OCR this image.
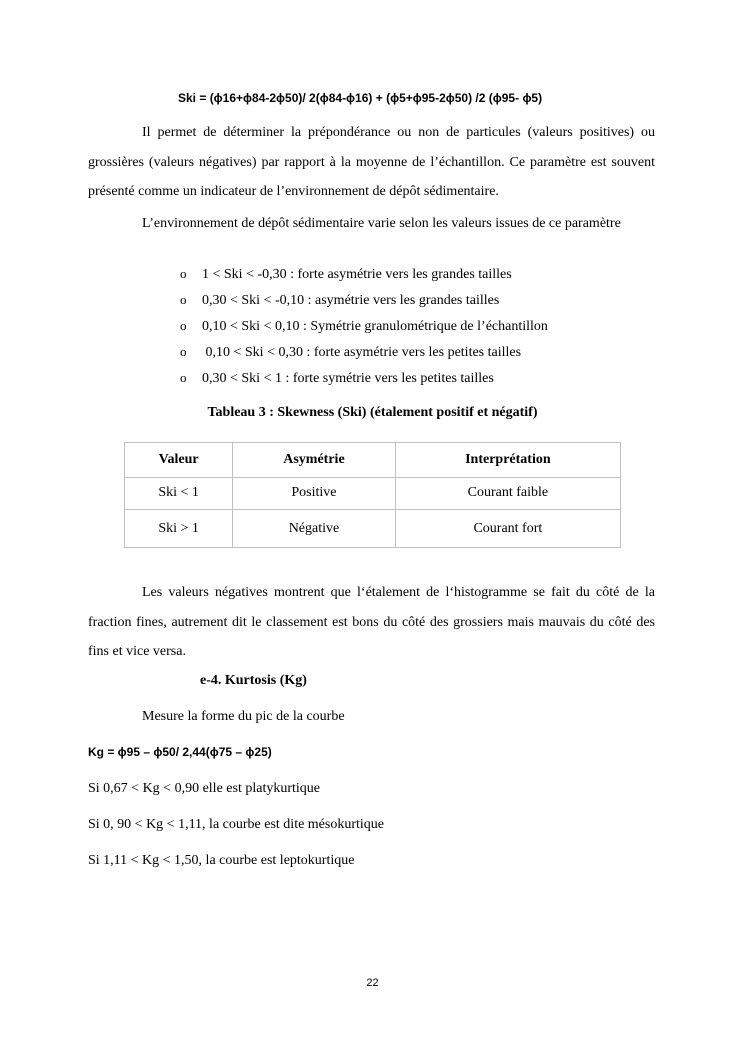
Ski = (ϕ16+ϕ84-2ϕ50)/ 2(ϕ84-ϕ16) + (ϕ5+ϕ95-2ϕ50) /2 (ϕ95- ϕ5)
Il permet de déterminer la prépondérance ou non de particules (valeurs positives) ou grossières (valeurs négatives) par rapport à la moyenne de l’échantillon. Ce paramètre est souvent présenté comme un indicateur de l’environnement de dépôt sédimentaire.
L’environnement de dépôt sédimentaire varie selon les valeurs issues de ce paramètre
o 1 < Ski < -0,30 : forte asymétrie vers les grandes tailles
o 0,30 < Ski < -0,10 : asymétrie vers les grandes tailles
o 0,10 < Ski < 0,10 : Symétrie granulométrique de l’échantillon
o 0,10 < Ski < 0,30 : forte asymétrie vers les petites tailles
o 0,30 < Ski < 1 : forte symétrie vers les petites tailles
Tableau 3 : Skewness (Ski) (étalement positif et négatif)
Valeur	Asymétrie	Interprétation
Ski < 1	Positive	Courant faible
Ski > 1	Négative	Courant fort
Les valeurs négatives montrent que l‘étalement de l‘histogramme se fait du côté de la fraction fines, autrement dit le classement est bons du côté des grossiers mais mauvais du côté des fins et vice versa.
e-4. Kurtosis (Kg)
Mesure la forme du pic de la courbe
Kg = ϕ95 – ϕ50/ 2,44(ϕ75 – ϕ25)
Si 0,67 < Kg < 0,90 elle est platykurtique
Si 0, 90 < Kg < 1,11, la courbe est dite mésokurtique
Si 1,11 < Kg < 1,50, la courbe est leptokurtique
22
